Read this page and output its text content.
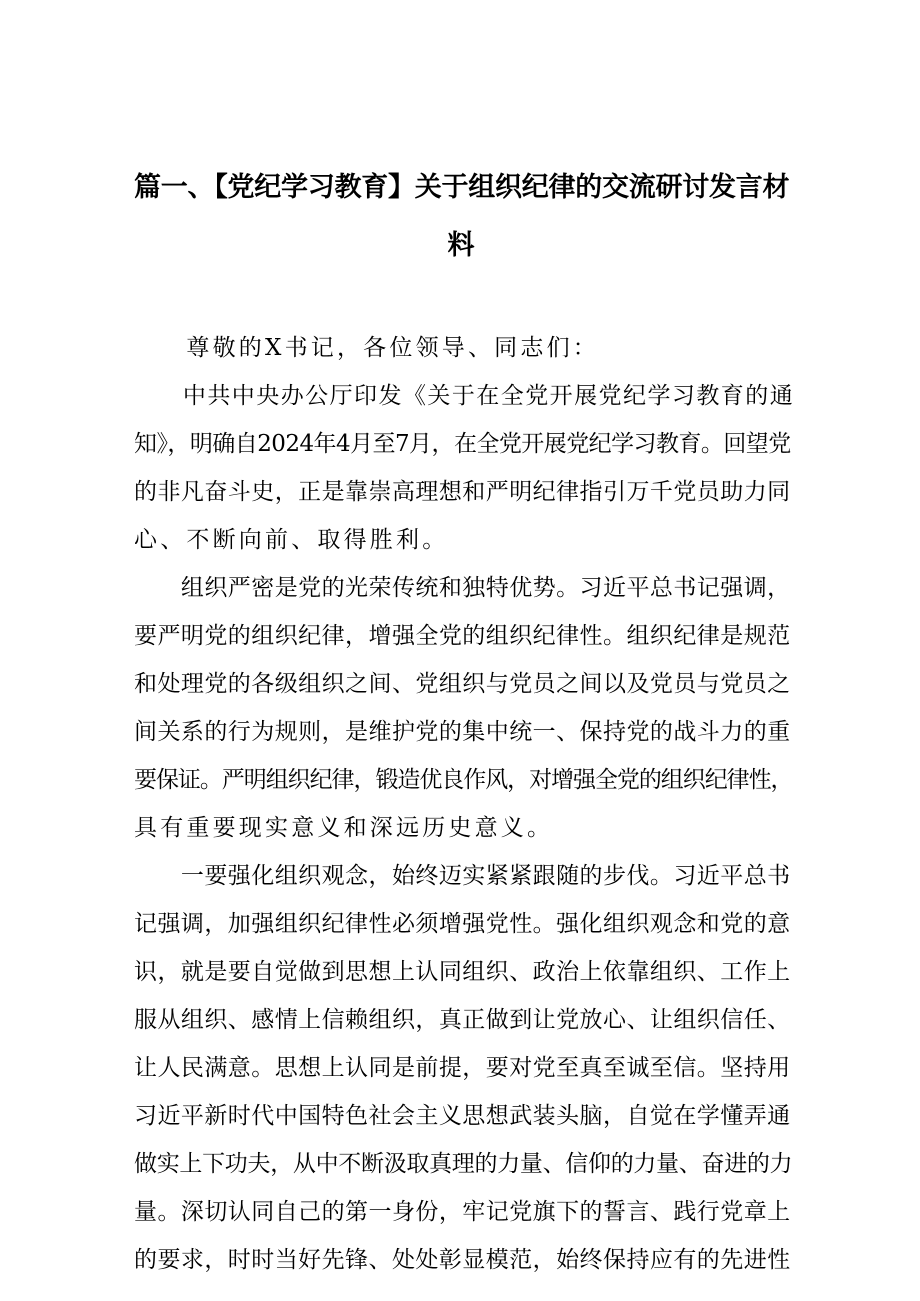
篇一、【党纪学习教育】关于组织纪律的交流研讨发言材
料
　　尊敬的X书记，各位领导、同志们：
　　中共中央办公厅印发《关于在全党开展党纪学习教育的通
知》，明确自2024年4月至7月，在全党开展党纪学习教育。回望党
的非凡奋斗史，正是靠崇高理想和严明纪律指引万千党员助力同
心、不断向前、取得胜利。
　　组织严密是党的光荣传统和独特优势。习近平总书记强调，
要严明党的组织纪律，增强全党的组织纪律性。组织纪律是规范
和处理党的各级组织之间、党组织与党员之间以及党员与党员之
间关系的行为规则，是维护党的集中统一、保持党的战斗力的重
要保证。严明组织纪律，锻造优良作风，对增强全党的组织纪律性，
具有重要现实意义和深远历史意义。
　　一要强化组织观念，始终迈实紧紧跟随的步伐。习近平总书
记强调，加强组织纪律性必须增强党性。强化组织观念和党的意
识，就是要自觉做到思想上认同组织、政治上依靠组织、工作上
服从组织、感情上信赖组织，真正做到让党放心、让组织信任、
让人民满意。思想上认同是前提，要对党至真至诚至信。坚持用
习近平新时代中国特色社会主义思想武装头脑，自觉在学懂弄通
做实上下功夫，从中不断汲取真理的力量、信仰的力量、奋进的力
量。深切认同自己的第一身份，牢记党旗下的誓言、践行党章上
的要求，时时当好先锋、处处彰显模范，始终保持应有的先进性
